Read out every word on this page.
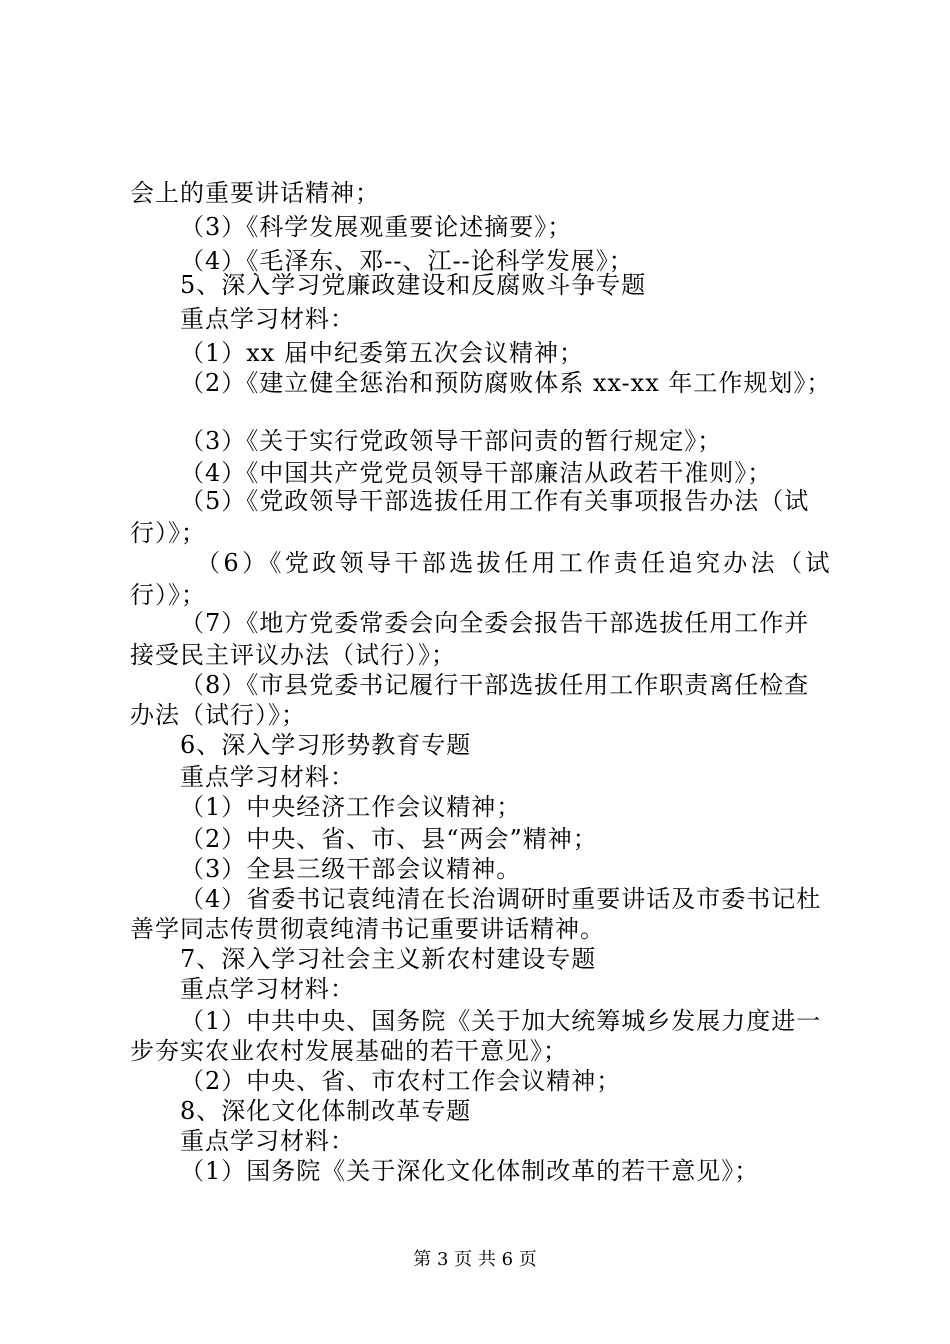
会上的重要讲话精神；
（3）《科学发展观重要论述摘要》；
（4）《毛泽东、邓--、江--论科学发展》；
5、深入学习党廉政建设和反腐败斗争专题
重点学习材料：
（1）xx 届中纪委第五次会议精神；
（2）《建立健全惩治和预防腐败体系 xx-xx 年工作规划》；
（3）《关于实行党政领导干部问责的暂行规定》；
（4）《中国共产党党员领导干部廉洁从政若干准则》；
（5）《党政领导干部选拔任用工作有关事项报告办法（试
行）》；
（6）《党政领导干部选拔任用工作责任追究办法（试
行）》；
（7）《地方党委常委会向全委会报告干部选拔任用工作并
接受民主评议办法（试行）》；
（8）《市县党委书记履行干部选拔任用工作职责离任检查
办法（试行）》；
6、深入学习形势教育专题
重点学习材料：
（1）中央经济工作会议精神；
（2）中央、省、市、县“两会”精神；
（3）全县三级干部会议精神。
（4）省委书记袁纯清在长治调研时重要讲话及市委书记杜
善学同志传贯彻袁纯清书记重要讲话精神。
7、深入学习社会主义新农村建设专题
重点学习材料：
（1）中共中央、国务院《关于加大统筹城乡发展力度进一
步夯实农业农村发展基础的若干意见》；
（2）中央、省、市农村工作会议精神；
8、深化文化体制改革专题
重点学习材料：
（1）国务院《关于深化文化体制改革的若干意见》；
第 3 页 共 6 页
